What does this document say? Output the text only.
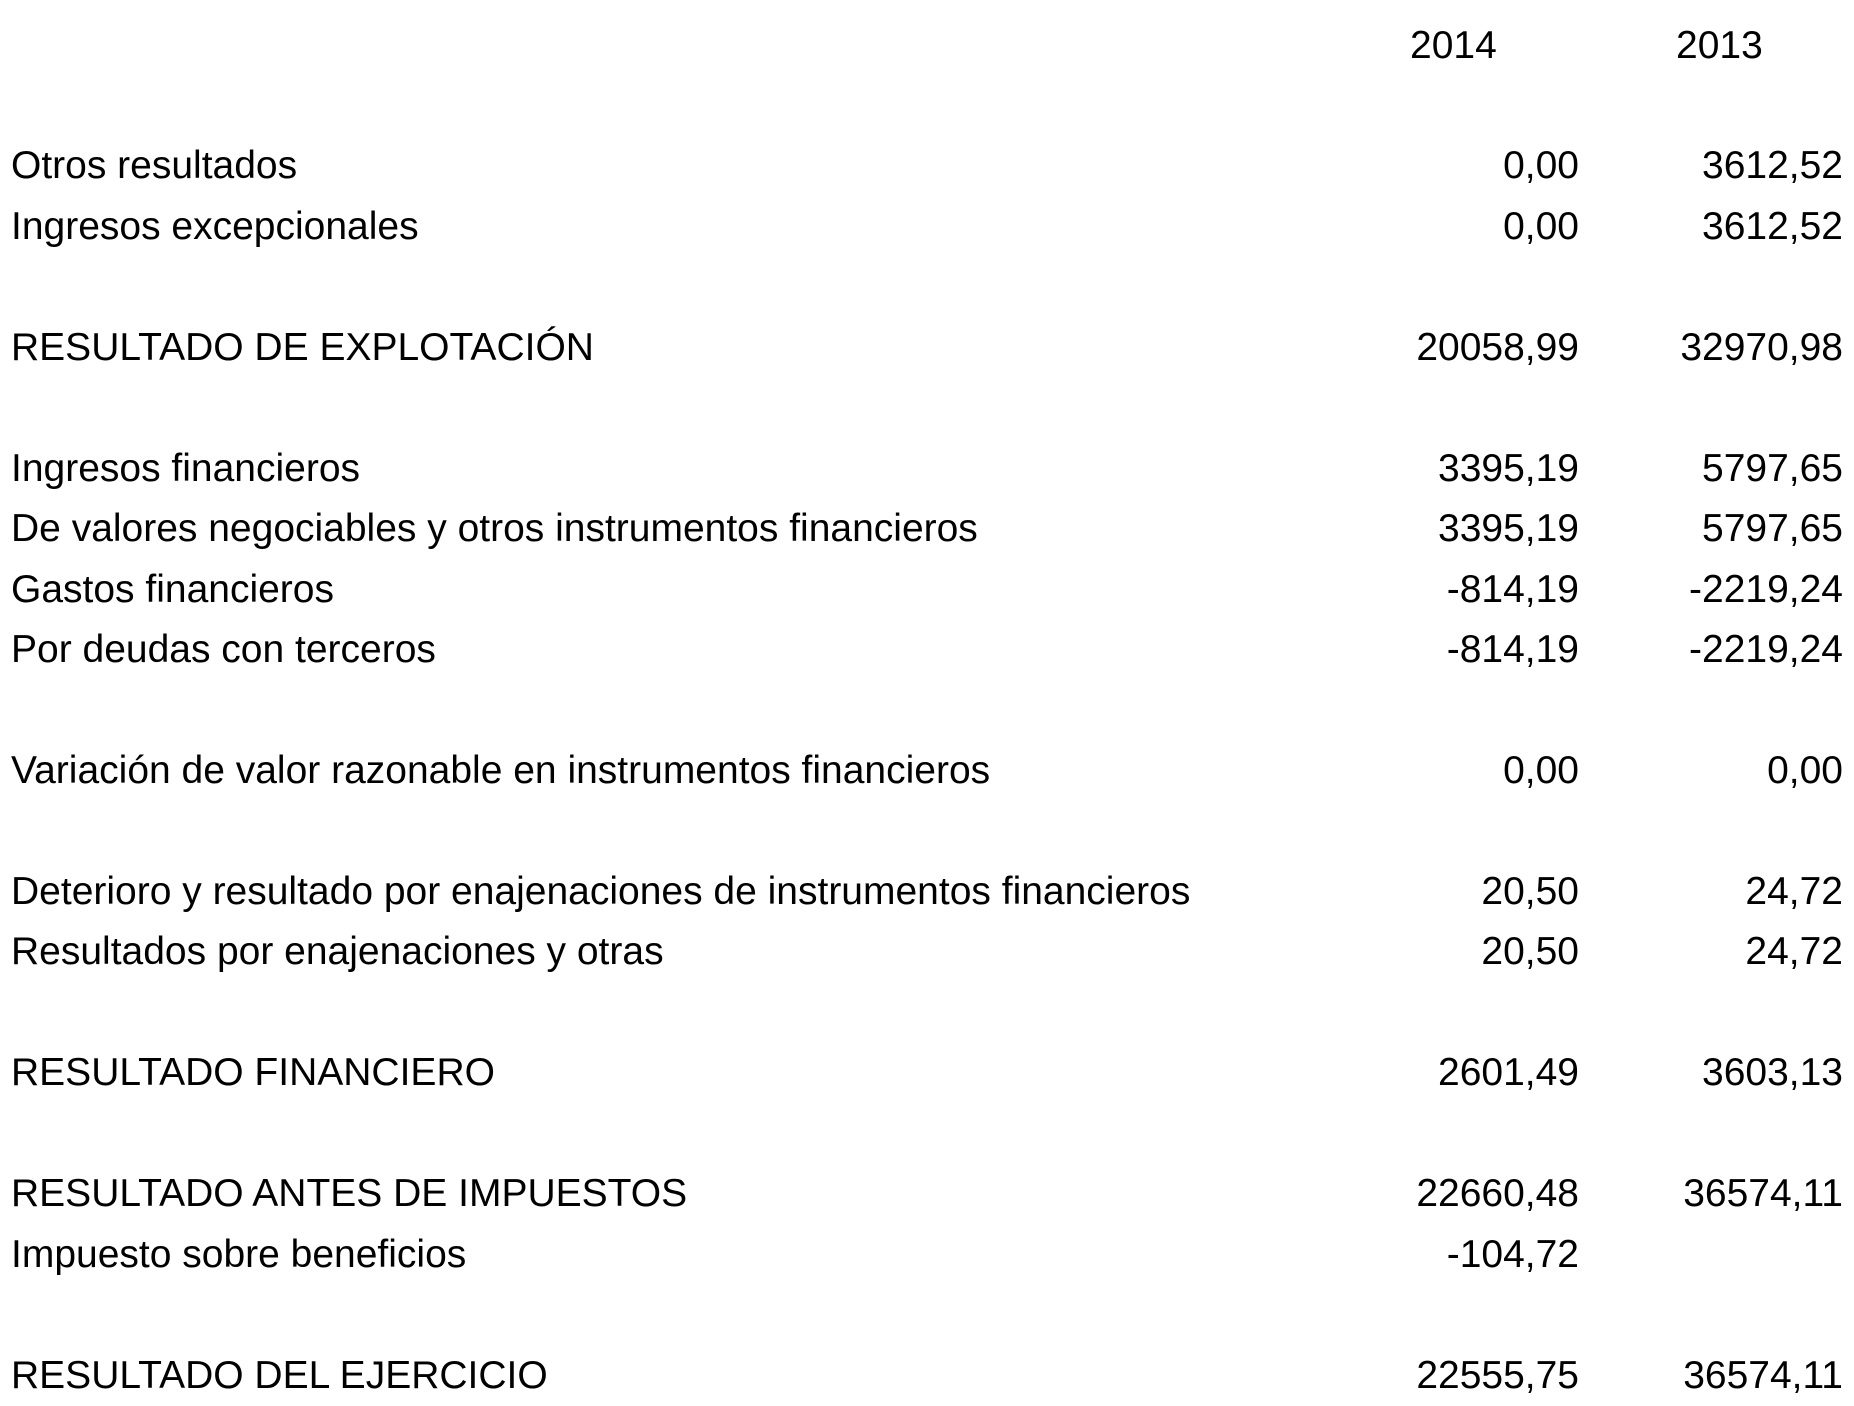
2014	2013
Otros resultados	0,00	3612,52
Ingresos excepcionales	0,00	3612,52
RESULTADO DE EXPLOTACIÓN	20058,99	32970,98
Ingresos financieros	3395,19	5797,65
De valores negociables y otros instrumentos financieros	3395,19	5797,65
Gastos financieros	-814,19	-2219,24
Por deudas con terceros	-814,19	-2219,24
Variación de valor razonable en instrumentos financieros	0,00	0,00
Deterioro y resultado por enajenaciones de instrumentos financieros	20,50	24,72
Resultados por enajenaciones y otras	20,50	24,72
RESULTADO FINANCIERO	2601,49	3603,13
RESULTADO ANTES DE IMPUESTOS	22660,48	36574,11
Impuesto sobre beneficios	-104,72
RESULTADO DEL EJERCICIO	22555,75	36574,11
